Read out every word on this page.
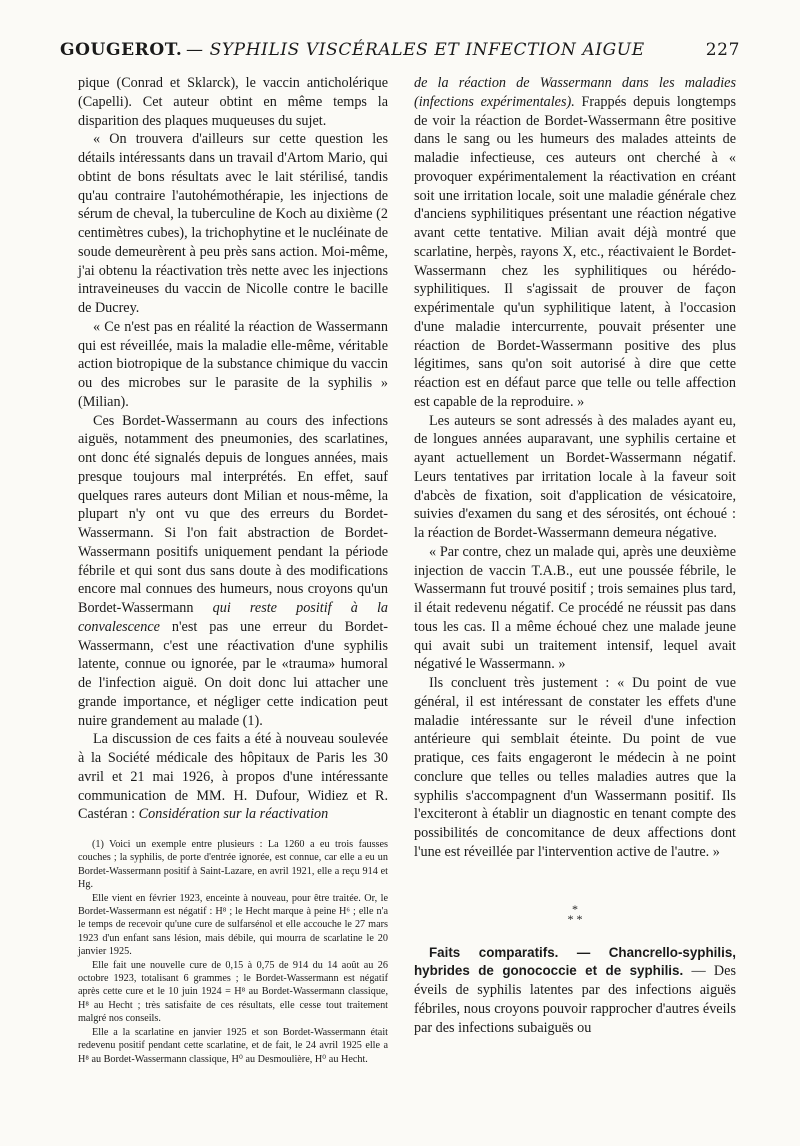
GOUGEROT. — SYPHILIS VISCÉRALES ET INFECTION AIGUE	227

pique (Conrad et Sklarck), le vaccin anticholérique (Capelli). Cet auteur obtint en même temps la disparition des plaques muqueuses du sujet.

« On trouvera d'ailleurs sur cette question les détails intéressants dans un travail d'Artom Mario, qui obtint de bons résultats avec le lait stérilisé, tandis qu'au contraire l'autohémothérapie, les injections de sérum de cheval, la tuberculine de Koch au dixième (2 centimètres cubes), la trichophytine et le nucléinate de soude demeurèrent à peu près sans action. Moi-même, j'ai obtenu la réactivation très nette avec les injections intraveineuses du vaccin de Nicolle contre le bacille de Ducrey.

« Ce n'est pas en réalité la réaction de Wassermann qui est réveillée, mais la maladie elle-même, véritable action biotropique de la substance chimique du vaccin ou des microbes sur le parasite de la syphilis » (Milian).

Ces Bordet-Wassermann au cours des infections aiguës, notamment des pneumonies, des scarlatines, ont donc été signalés depuis de longues années, mais presque toujours mal interprétés. En effet, sauf quelques rares auteurs dont Milian et nous-même, la plupart n'y ont vu que des erreurs du Bordet-Wassermann. Si l'on fait abstraction de Bordet-Wassermann positifs uniquement pendant la période fébrile et qui sont dus sans doute à des modifications encore mal connues des humeurs, nous croyons qu'un Bordet-Wassermann qui reste positif à la convalescence n'est pas une erreur du Bordet-Wassermann, c'est une réactivation d'une syphilis latente, connue ou ignorée, par le «trauma» humoral de l'infection aiguë. On doit donc lui attacher une grande importance, et négliger cette indication peut nuire grandement au malade (1).

La discussion de ces faits a été à nouveau soulevée à la Société médicale des hôpitaux de Paris les 30 avril et 21 mai 1926, à propos d'une intéressante communication de MM. H. Dufour, Widiez et R. Castéran : Considération sur la réactivation

(1) Voici un exemple entre plusieurs : La 1260 a eu trois fausses couches ; la syphilis, de porte d'entrée ignorée, est connue, car elle a eu un Bordet-Wassermann positif à Saint-Lazare, en avril 1921, elle a reçu 914 et Hg.

Elle vient en février 1923, enceinte à nouveau, pour être traitée. Or, le Bordet-Wassermann est négatif : H⁸ ; le Hecht marque à peine H⁶ ; elle n'a le temps de recevoir qu'une cure de sulfarsénol et elle accouche le 27 mars 1923 d'un enfant sans lésion, mais débile, qui mourra de scarlatine le 20 janvier 1925.

Elle fait une nouvelle cure de 0,15 à 0,75 de 914 du 14 août au 26 octobre 1923, totalisant 6 grammes ; le Bordet-Wassermann est négatif après cette cure et le 10 juin 1924 = H⁸ au Bordet-Wassermann classique, H⁸ au Hecht ; très satisfaite de ces résultats, elle cesse tout traitement malgré nos conseils.

Elle a la scarlatine en janvier 1925 et son Bordet-Wassermann était redevenu positif pendant cette scarlatine, et de fait, le 24 avril 1925 elle a H⁸ au Bordet-Wassermann classique, H⁰ au Desmoulière, H⁰ au Hecht.

de la réaction de Wassermann dans les maladies (infections expérimentales). Frappés depuis longtemps de voir la réaction de Bordet-Wassermann être positive dans le sang ou les humeurs des malades atteints de maladie infectieuse, ces auteurs ont cherché à « provoquer expérimentalement la réactivation en créant soit une irritation locale, soit une maladie générale chez d'anciens syphilitiques présentant une réaction négative avant cette tentative. Milian avait déjà montré que scarlatine, herpès, rayons X, etc., réactivaient le Bordet-Wassermann chez les syphilitiques ou hérédo-syphilitiques. Il s'agissait de prouver de façon expérimentale qu'un syphilitique latent, à l'occasion d'une maladie intercurrente, pouvait présenter une réaction de Bordet-Wassermann positive des plus légitimes, sans qu'on soit autorisé à dire que cette réaction est en défaut parce que telle ou telle affection est capable de la reproduire. »

Les auteurs se sont adressés à des malades ayant eu, de longues années auparavant, une syphilis certaine et ayant actuellement un Bordet-Wassermann négatif. Leurs tentatives par irritation locale à la faveur soit d'abcès de fixation, soit d'application de vésicatoire, suivies d'examen du sang et des sérosités, ont échoué : la réaction de Bordet-Wassermann demeura négative.

« Par contre, chez un malade qui, après une deuxième injection de vaccin T.A.B., eut une poussée fébrile, le Wassermann fut trouvé positif ; trois semaines plus tard, il était redevenu négatif. Ce procédé ne réussit pas dans tous les cas. Il a même échoué chez une malade jeune qui avait subi un traitement intensif, lequel avait négativé le Wassermann. »

Ils concluent très justement : « Du point de vue général, il est intéressant de constater les effets d'une maladie intéressante sur le réveil d'une infection antérieure qui semblait éteinte. Du point de vue pratique, ces faits engageront le médecin à ne point conclure que telles ou telles maladies autres que la syphilis s'accompagnent d'un Wassermann positif. Ils l'exciteront à établir un diagnostic en tenant compte des possibilités de concomitance de deux affections dont l'une est réveillée par l'intervention active de l'autre. »

*
* *

Faits comparatifs. — Chancrello-syphilis, hybrides de gonococcie et de syphilis. — Des éveils de syphilis latentes par des infections aiguës fébriles, nous croyons pouvoir rapprocher d'autres éveils par des infections subaiguës ou
